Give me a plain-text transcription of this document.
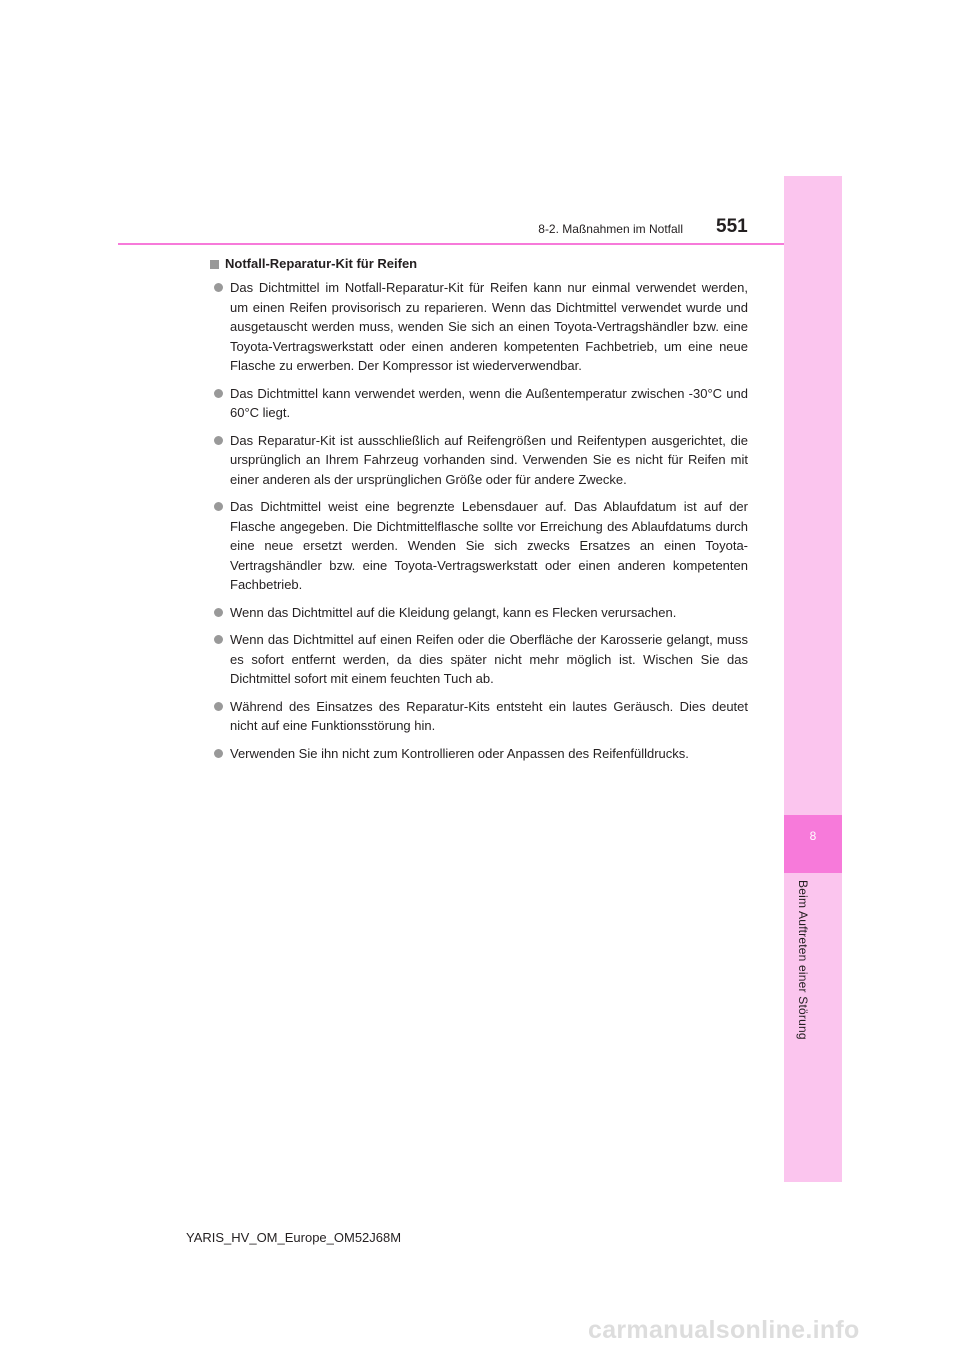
8
Beim Auftreten einer Störung
8-2. Maßnahmen im Notfall 551
Notfall-Reparatur-Kit für Reifen
Das Dichtmittel im Notfall-Reparatur-Kit für Reifen kann nur einmal verwendet werden, um einen Reifen provisorisch zu reparieren. Wenn das Dichtmittel verwendet wurde und ausgetauscht werden muss, wenden Sie sich an einen Toyota-Vertragshändler bzw. eine Toyota-Vertragswerkstatt oder einen anderen kompetenten Fachbetrieb, um eine neue Flasche zu erwerben. Der Kompressor ist wiederverwendbar.
Das Dichtmittel kann verwendet werden, wenn die Außentemperatur zwischen -30°C und 60°C liegt.
Das Reparatur-Kit ist ausschließlich auf Reifengrößen und Reifentypen ausgerichtet, die ursprünglich an Ihrem Fahrzeug vorhanden sind. Verwenden Sie es nicht für Reifen mit einer anderen als der ursprünglichen Größe oder für andere Zwecke.
Das Dichtmittel weist eine begrenzte Lebensdauer auf. Das Ablaufdatum ist auf der Flasche angegeben. Die Dichtmittelflasche sollte vor Erreichung des Ablaufdatums durch eine neue ersetzt werden. Wenden Sie sich zwecks Ersatzes an einen Toyota-Vertragshändler bzw. eine Toyota-Vertragswerkstatt oder einen anderen kompetenten Fachbetrieb.
Wenn das Dichtmittel auf die Kleidung gelangt, kann es Flecken verursachen.
Wenn das Dichtmittel auf einen Reifen oder die Oberfläche der Karosserie gelangt, muss es sofort entfernt werden, da dies später nicht mehr möglich ist. Wischen Sie das Dichtmittel sofort mit einem feuchten Tuch ab.
Während des Einsatzes des Reparatur-Kits entsteht ein lautes Geräusch. Dies deutet nicht auf eine Funktionsstörung hin.
Verwenden Sie ihn nicht zum Kontrollieren oder Anpassen des Reifenfülldrucks.
YARIS_HV_OM_Europe_OM52J68M
carmanualsonline.info
